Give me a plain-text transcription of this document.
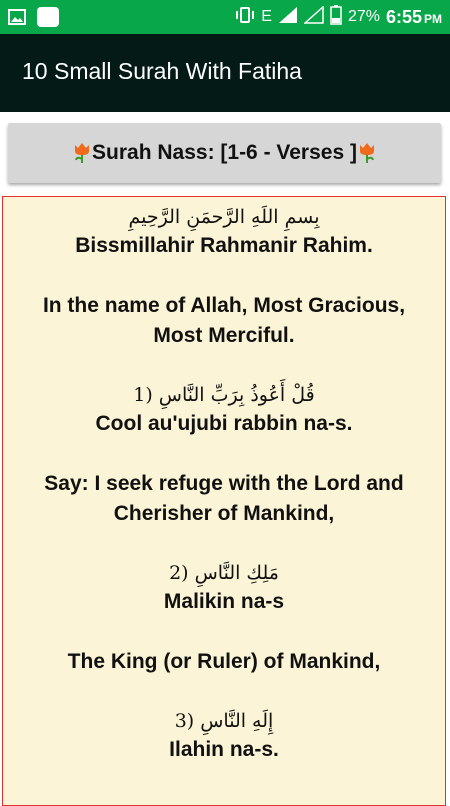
E	27% 6:55 PM
10 Small Surah With Fatiha
Surah Nass: [1-6 - Verses ]
بِسمِ اللَهِ الرَّحمَنِ الرَّحِيمِ
Bissmillahir Rahmanir Rahim.
In the name of Allah, Most Gracious, Most Merciful.
قُلْ أَعُوذُ بِرَبِّ النَّاسِ (1
Cool au'ujubi rabbin na-s.
Say: I seek refuge with the Lord and Cherisher of Mankind,
مَلِكِ النَّاسِ (2
Malikin na-s
The King (or Ruler) of Mankind,
إِلَهِ النَّاسِ (3
Ilahin na-s.
